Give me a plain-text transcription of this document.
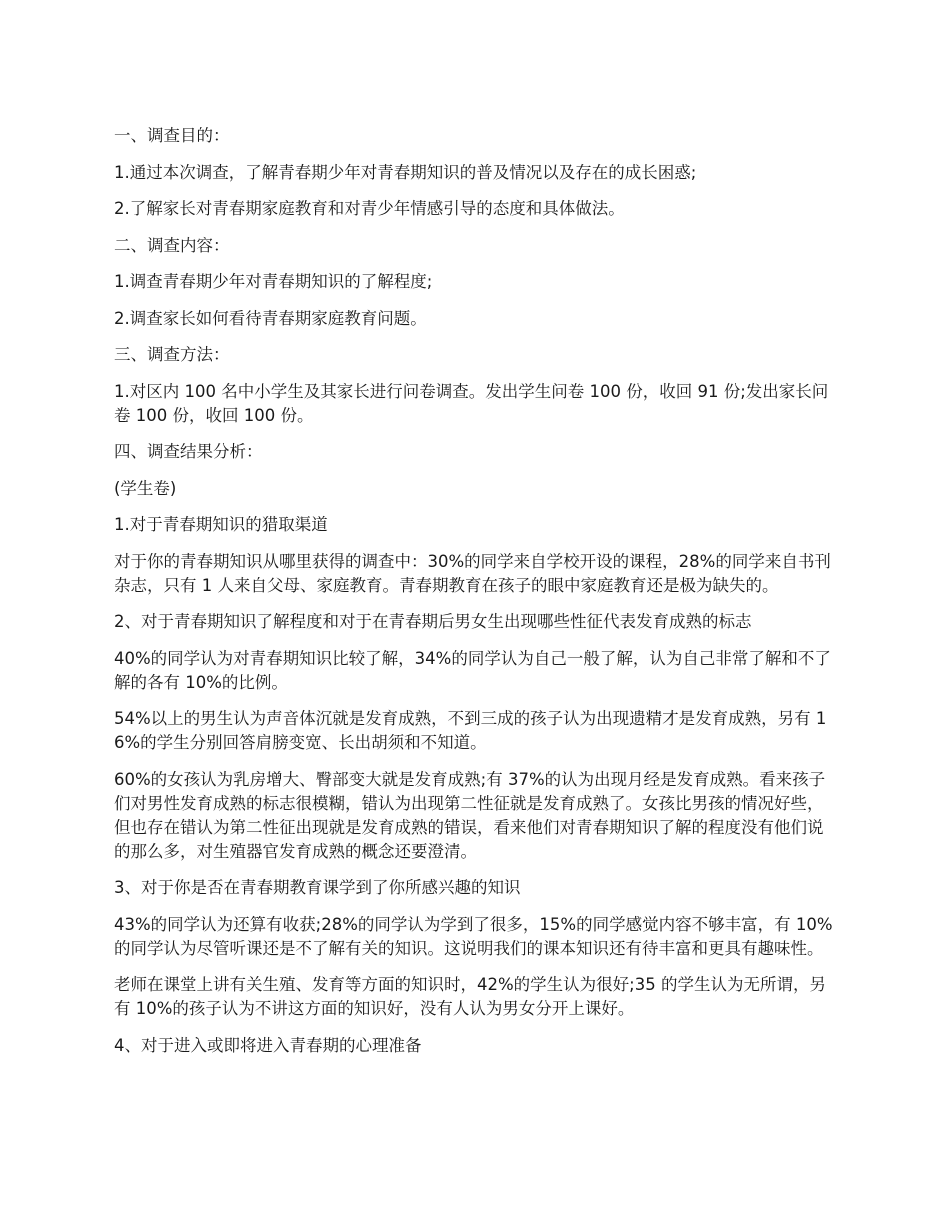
一、调查目的：

1.通过本次调查，了解青春期少年对青春期知识的普及情况以及存在的成长困惑;

2.了解家长对青春期家庭教育和对青少年情感引导的态度和具体做法。

二、调查内容：

1.调查青春期少年对青春期知识的了解程度;

2.调查家长如何看待青春期家庭教育问题。

三、调查方法：

1.对区内 100 名中小学生及其家长进行问卷调查。发出学生问卷 100 份，收回 91 份;发出家长问卷 100 份，收回 100 份。

四、调查结果分析：

(学生卷)

1.对于青春期知识的猎取渠道

对于你的青春期知识从哪里获得的调查中：30%的同学来自学校开设的课程，28%的同学来自书刊杂志，只有 1 人来自父母、家庭教育。青春期教育在孩子的眼中家庭教育还是极为缺失的。

2、对于青春期知识了解程度和对于在青春期后男女生出现哪些性征代表发育成熟的标志

40%的同学认为对青春期知识比较了解，34%的同学认为自己一般了解，认为自己非常了解和不了解的各有 10%的比例。

54%以上的男生认为声音体沉就是发育成熟，不到三成的孩子认为出现遗精才是发育成熟，另有 16%的学生分别回答肩膀变宽、长出胡须和不知道。

60%的女孩认为乳房增大、臀部变大就是发育成熟;有 37%的认为出现月经是发育成熟。看来孩子们对男性发育成熟的标志很模糊，错认为出现第二性征就是发育成熟了。女孩比男孩的情况好些，但也存在错认为第二性征出现就是发育成熟的错误，看来他们对青春期知识了解的程度没有他们说的那么多，对生殖器官发育成熟的概念还要澄清。

3、对于你是否在青春期教育课学到了你所感兴趣的知识

43%的同学认为还算有收获;28%的同学认为学到了很多，15%的同学感觉内容不够丰富，有 10%的同学认为尽管听课还是不了解有关的知识。这说明我们的课本知识还有待丰富和更具有趣味性。

老师在课堂上讲有关生殖、发育等方面的知识时，42%的学生认为很好;35 的学生认为无所谓，另有 10%的孩子认为不讲这方面的知识好，没有人认为男女分开上课好。

4、对于进入或即将进入青春期的心理准备
